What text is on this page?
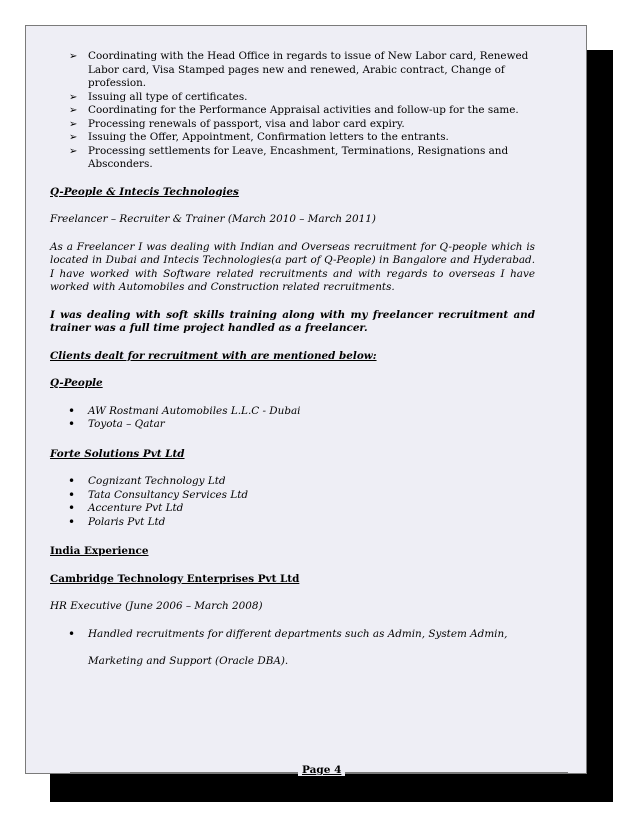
➢ Coordinating with the Head Office in regards to issue of New Labor card, Renewed Labor card, Visa Stamped pages new and renewed, Arabic contract, Change of profession.
➢ Issuing all type of certificates.
➢ Coordinating for the Performance Appraisal activities and follow-up for the same.
➢ Processing renewals of passport, visa and labor card expiry.
➢ Issuing the Offer, Appointment, Confirmation letters to the entrants.
➢ Processing settlements for Leave, Encashment, Terminations, Resignations and Absconders.

Q-People & Intecis Technologies

Freelancer – Recruiter & Trainer (March 2010 – March 2011)

As a Freelancer I was dealing with Indian and Overseas recruitment for Q-people which is located in Dubai and Intecis Technologies(a part of Q-People) in Bangalore and Hyderabad. I have worked with Software related recruitments and with regards to overseas I have worked with Automobiles and Construction related recruitments.

I was dealing with soft skills training along with my freelancer recruitment and trainer was a full time project handled as a freelancer.

Clients dealt for recruitment with are mentioned below:

Q-People

• AW Rostmani Automobiles L.L.C - Dubai
• Toyota – Qatar

Forte Solutions Pvt Ltd

• Cognizant Technology Ltd
• Tata Consultancy Services Ltd
• Accenture Pvt Ltd
• Polaris Pvt Ltd

India Experience

Cambridge Technology Enterprises Pvt Ltd

HR Executive (June 2006 – March 2008)

• Handled recruitments for different departments such as Admin, System Admin,
Marketing and Support (Oracle DBA).
Page 4
